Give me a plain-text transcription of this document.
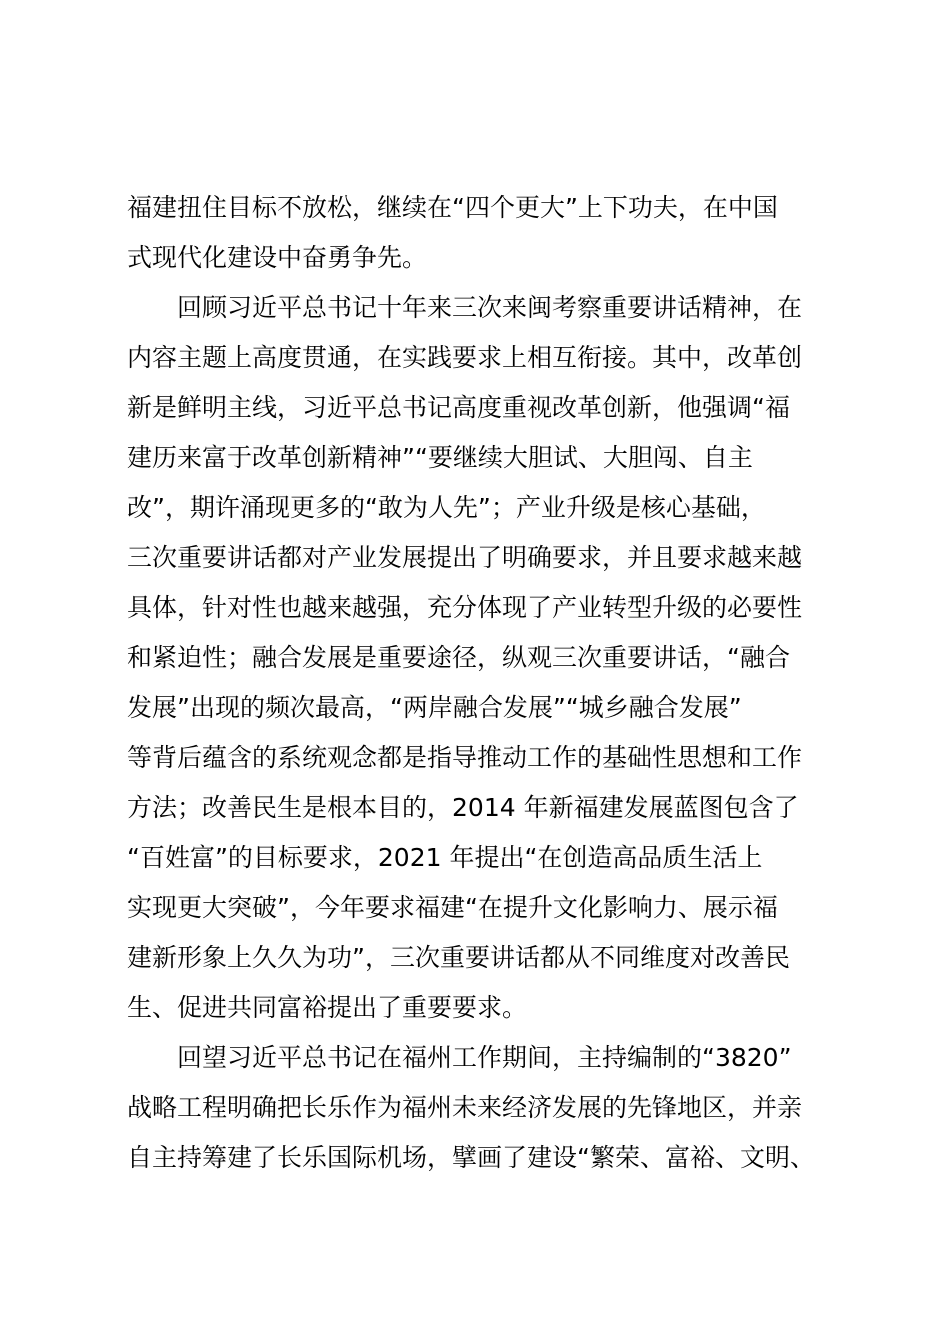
福建扭住目标不放松，继续在“四个更大”上下功夫，在中国
式现代化建设中奋勇争先。
　　回顾习近平总书记十年来三次来闽考察重要讲话精神，在
内容主题上高度贯通，在实践要求上相互衔接。其中，改革创
新是鲜明主线，习近平总书记高度重视改革创新，他强调“福
建历来富于改革创新精神”“要继续大胆试、大胆闯、自主
改”，期许涌现更多的“敢为人先”；产业升级是核心基础，
三次重要讲话都对产业发展提出了明确要求，并且要求越来越
具体，针对性也越来越强，充分体现了产业转型升级的必要性
和紧迫性；融合发展是重要途径，纵观三次重要讲话，“融合
发展”出现的频次最高，“两岸融合发展”“城乡融合发展”
等背后蕴含的系统观念都是指导推动工作的基础性思想和工作
方法；改善民生是根本目的，2014 年新福建发展蓝图包含了
“百姓富”的目标要求，2021 年提出“在创造高品质生活上
实现更大突破”，今年要求福建“在提升文化影响力、展示福
建新形象上久久为功”，三次重要讲话都从不同维度对改善民
生、促进共同富裕提出了重要要求。
　　回望习近平总书记在福州工作期间，主持编制的“3820”
战略工程明确把长乐作为福州未来经济发展的先锋地区，并亲
自主持筹建了长乐国际机场，擘画了建设“繁荣、富裕、文明、
